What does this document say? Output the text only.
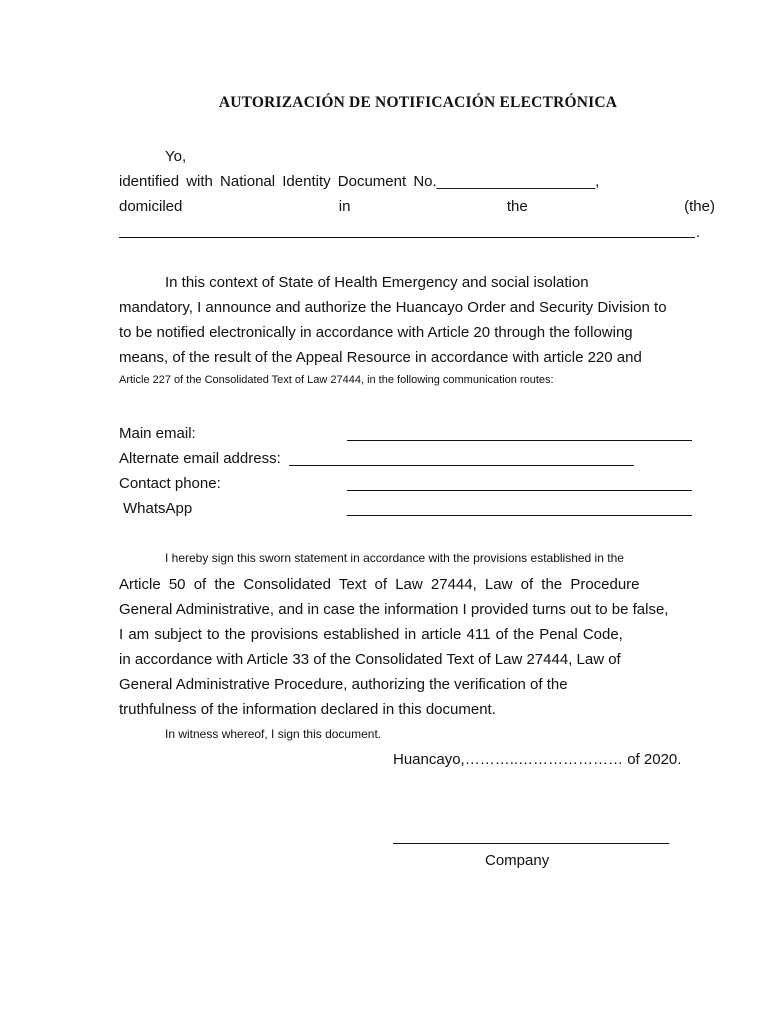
AUTORIZACIÓN DE NOTIFICACIÓN ELECTRÓNICA

Yo,

identified with National Identity Document No.___________________,

domiciled	in	the	(the)

.

In this context of State of Health Emergency and social isolation

mandatory, I announce and authorize the Huancayo Order and Security Division to

to be notified electronically in accordance with Article 20 through the following

means, of the result of the Appeal Resource in accordance with article 220 and

Article 227 of the Consolidated Text of Law 27444, in the following communication routes:

Main email:

Alternate email address:

Contact phone:

WhatsApp

I hereby sign this sworn statement in accordance with the provisions established in the

Article 50 of the Consolidated Text of Law 27444, Law of the Procedure

General Administrative, and in case the information I provided turns out to be false,

I am subject to the provisions established in article 411 of the Penal Code,

in accordance with Article 33 of the Consolidated Text of Law 27444, Law of

General Administrative Procedure, authorizing the verification of the

truthfulness of the information declared in this document.

In witness whereof, I sign this document.

Huancayo,………..………………… of 2020.

Company
